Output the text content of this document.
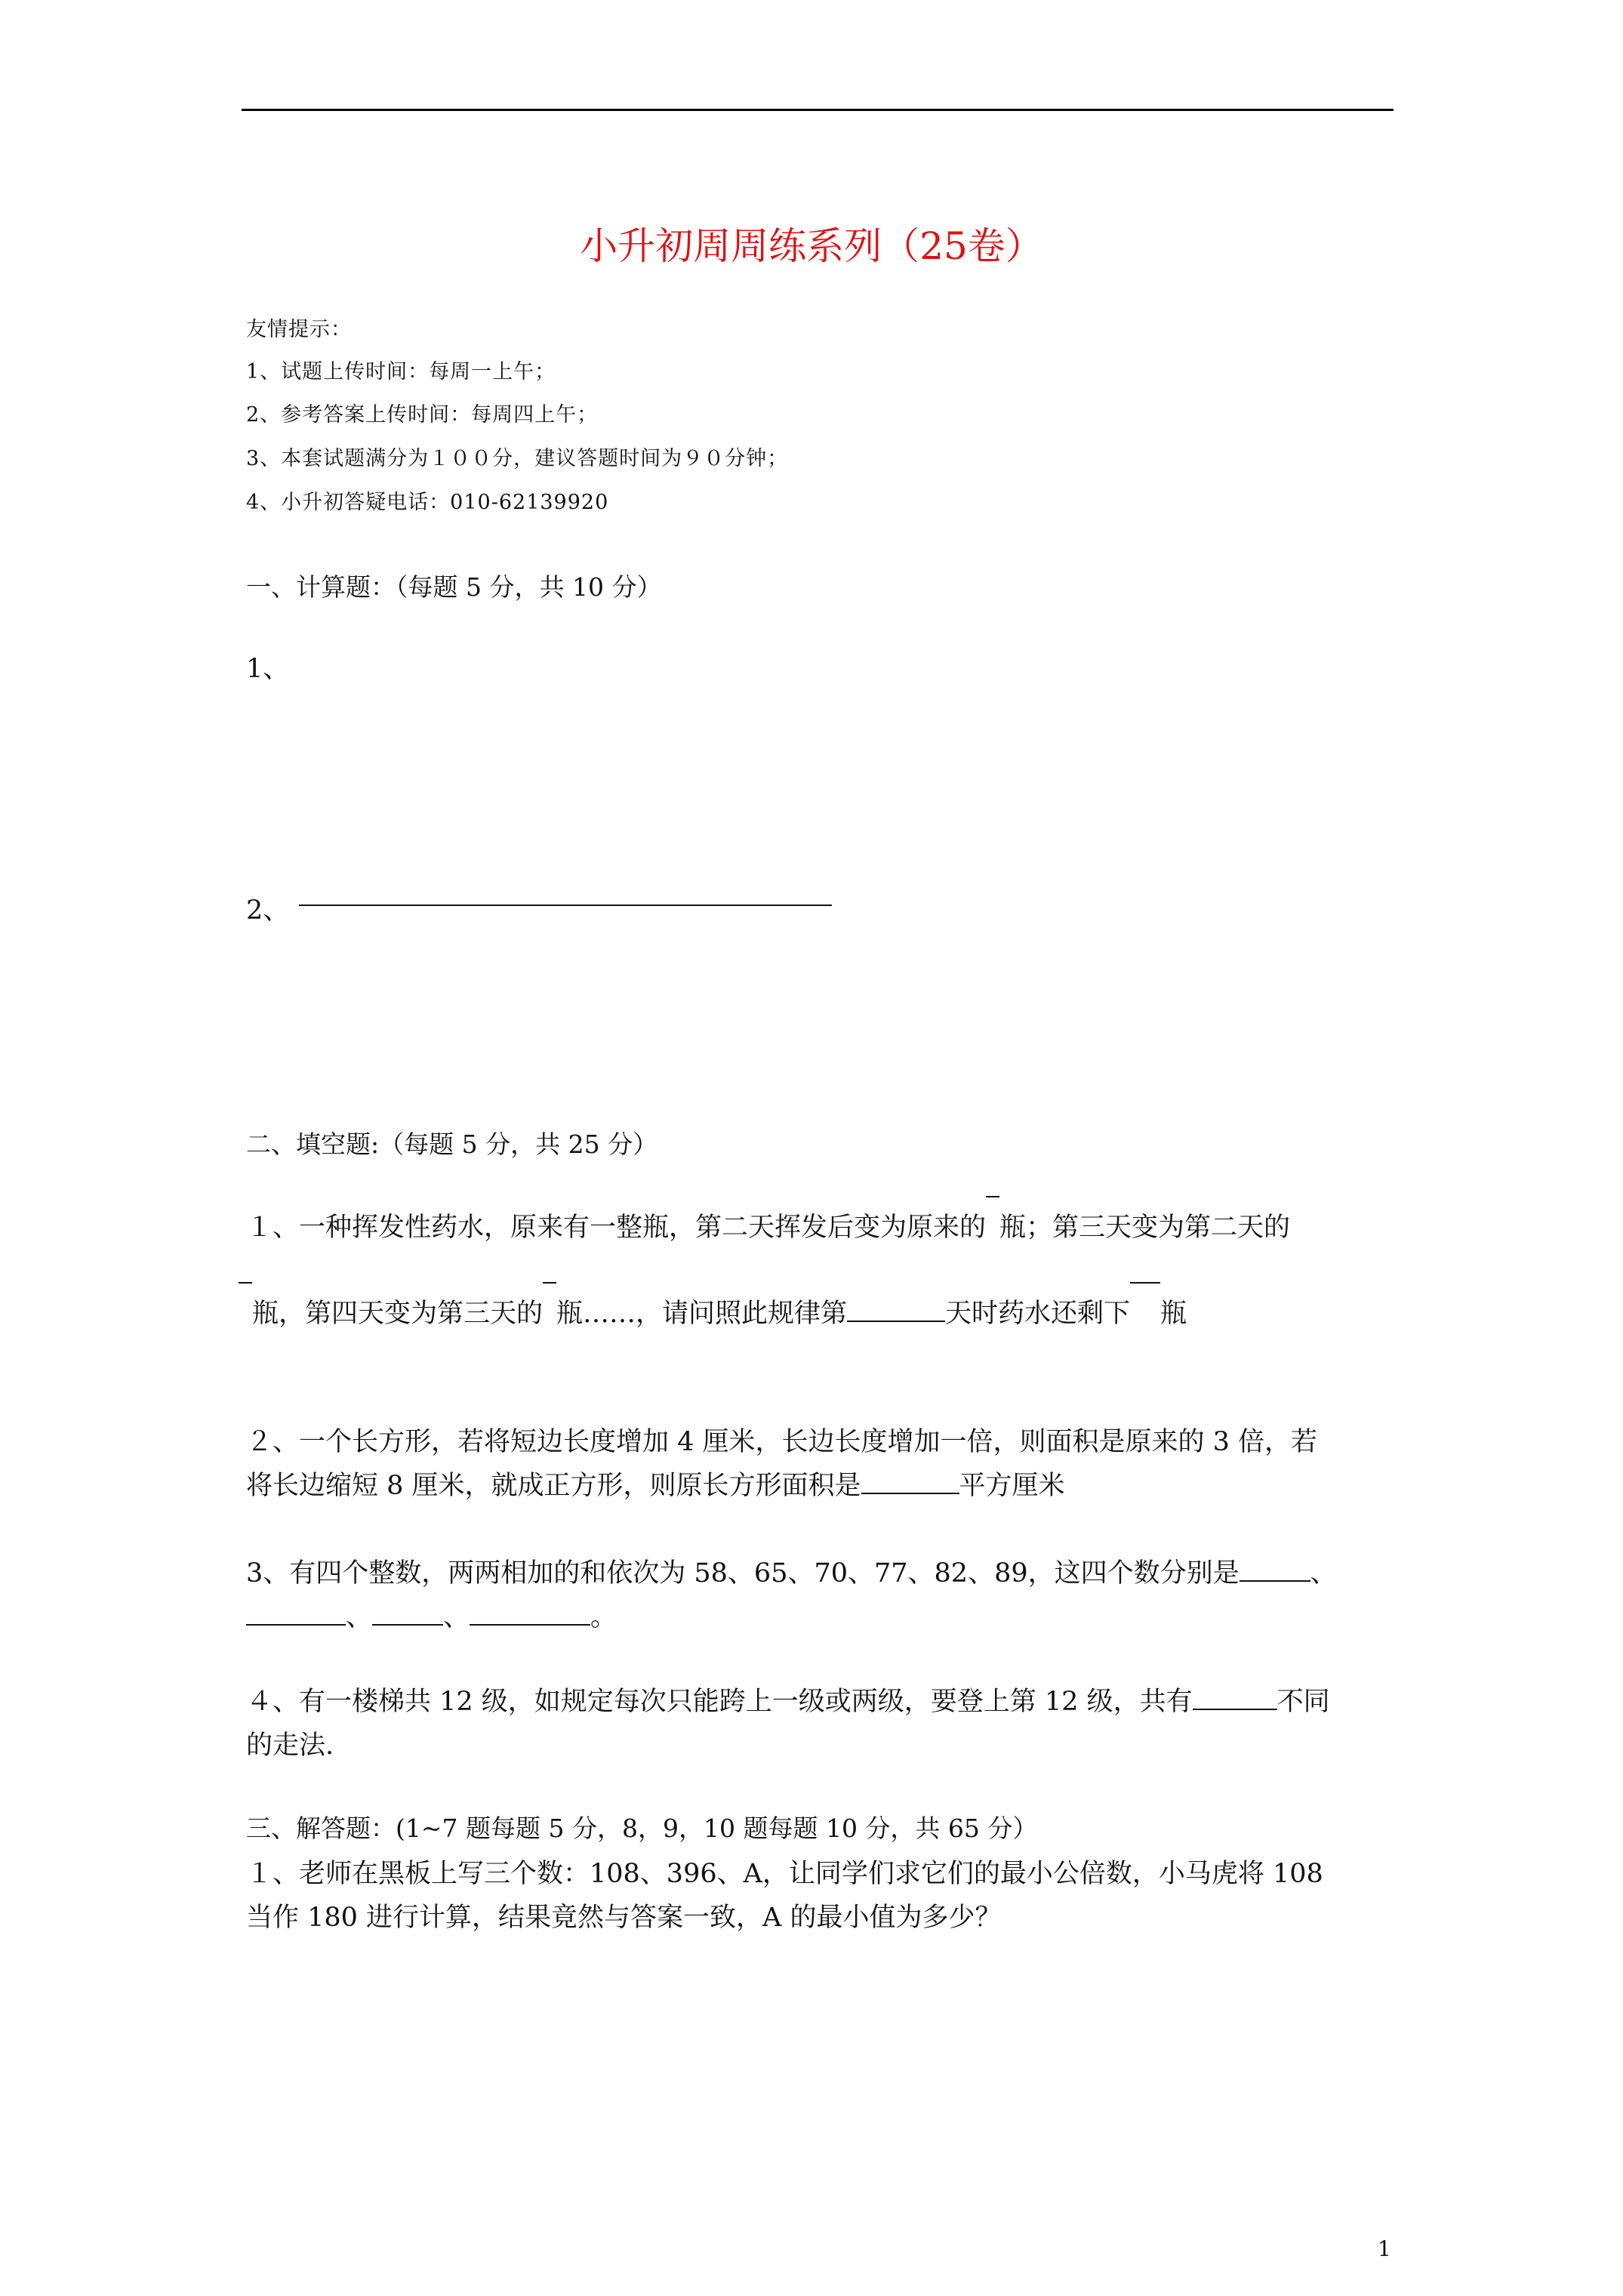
小升初周周练系列（25卷）
友情提示：
1、试题上传时间：每周一上午；
2、参考答案上传时间：每周四上午；
3、本套试题满分为１００分，建议答题时间为９０分钟；
4、小升初答疑电话：010-62139920
一、计算题：（每题 5 分，共 10 分）
1、
2、
二、填空题:（每题 5 分，共 25 分）
１、一种挥发性药水，原来有一整瓶，第二天挥发后变为原来的 瓶；第三天变为第二天的
瓶，第四天变为第三天的 瓶……，请问照此规律第	天时药水还剩下 瓶
２、一个长方形，若将短边长度增加 4 厘米，长边长度增加一倍，则面积是原来的 3 倍，若
将长边缩短 8 厘米，就成正方形，则原长方形面积是	平方厘米
3、有四个整数，两两相加的和依次为 58、65、70、77、82、89，这四个数分别是	、
、	、	。
４、有一楼梯共 12 级，如规定每次只能跨上一级或两级，要登上第 12 级，共有	不同
的走法.
三、解答题：(1~7 题每题 5 分，8，9，10 题每题 10 分，共 65 分）
１、老师在黑板上写三个数：108、396、A，让同学们求它们的最小公倍数，小马虎将 108
当作 180 进行计算，结果竟然与答案一致，A 的最小值为多少？
1
